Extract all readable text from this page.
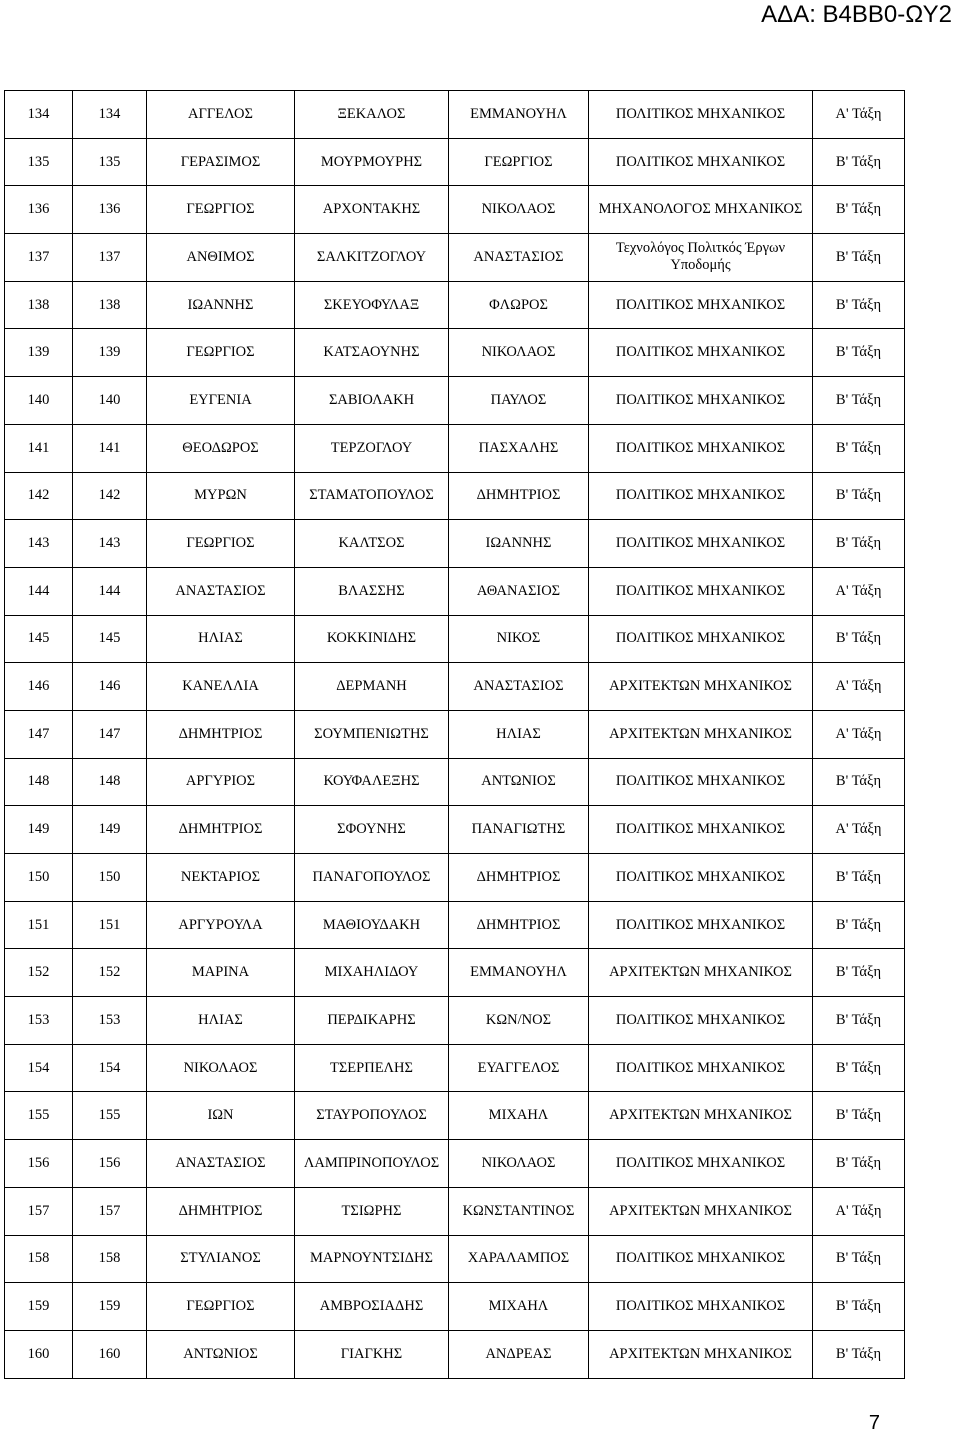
ΑΔΑ: Β4ΒΒ0-ΩΥ2
134	134	ΑΓΓΕΛΟΣ	ΞΕΚΑΛΟΣ	ΕΜΜΑΝΟΥΗΛ	ΠΟΛΙΤΙΚΟΣ ΜΗΧΑΝΙΚΟΣ	Α' Τάξη
135	135	ΓΕΡΑΣΙΜΟΣ	ΜΟΥΡΜΟΥΡΗΣ	ΓΕΩΡΓΙΟΣ	ΠΟΛΙΤΙΚΟΣ ΜΗΧΑΝΙΚΟΣ	Β' Τάξη
136	136	ΓΕΩΡΓΙΟΣ	ΑΡΧΟΝΤΑΚΗΣ	ΝΙΚΟΛΑΟΣ	ΜΗΧΑΝΟΛΟΓΟΣ ΜΗΧΑΝΙΚΟΣ	Β' Τάξη
137	137	ΑΝΘΙΜΟΣ	ΣΑΛΚΙΤΖΟΓΛΟΥ	ΑΝΑΣΤΑΣΙΟΣ	Τεχνολόγος Πολιτκός Έργων Υποδομής	Β' Τάξη
138	138	ΙΩΑΝΝΗΣ	ΣΚΕΥΟΦΥΛΑΞ	ΦΛΩΡΟΣ	ΠΟΛΙΤΙΚΟΣ ΜΗΧΑΝΙΚΟΣ	Β' Τάξη
139	139	ΓΕΩΡΓΙΟΣ	ΚΑΤΣΑΟΥΝΗΣ	ΝΙΚΟΛΑΟΣ	ΠΟΛΙΤΙΚΟΣ ΜΗΧΑΝΙΚΟΣ	Β' Τάξη
140	140	ΕΥΓΕΝΙΑ	ΣΑΒΙΟΛΑΚΗ	ΠΑΥΛΟΣ	ΠΟΛΙΤΙΚΟΣ ΜΗΧΑΝΙΚΟΣ	Β' Τάξη
141	141	ΘΕΟΔΩΡΟΣ	ΤΕΡΖΟΓΛΟΥ	ΠΑΣΧΑΛΗΣ	ΠΟΛΙΤΙΚΟΣ ΜΗΧΑΝΙΚΟΣ	Β' Τάξη
142	142	ΜΥΡΩΝ	ΣΤΑΜΑΤΟΠΟΥΛΟΣ	ΔΗΜΗΤΡΙΟΣ	ΠΟΛΙΤΙΚΟΣ ΜΗΧΑΝΙΚΟΣ	Β' Τάξη
143	143	ΓΕΩΡΓΙΟΣ	ΚΑΛΤΣΟΣ	ΙΩΑΝΝΗΣ	ΠΟΛΙΤΙΚΟΣ ΜΗΧΑΝΙΚΟΣ	Β' Τάξη
144	144	ΑΝΑΣΤΑΣΙΟΣ	ΒΛΑΣΣΗΣ	ΑΘΑΝΑΣΙΟΣ	ΠΟΛΙΤΙΚΟΣ ΜΗΧΑΝΙΚΟΣ	Α' Τάξη
145	145	ΗΛΙΑΣ	ΚΟΚΚΙΝΙΔΗΣ	ΝΙΚΟΣ	ΠΟΛΙΤΙΚΟΣ ΜΗΧΑΝΙΚΟΣ	Β' Τάξη
146	146	ΚΑΝΕΛΛΙΑ	ΔΕΡΜΑΝΗ	ΑΝΑΣΤΑΣΙΟΣ	ΑΡΧΙΤΕΚΤΩΝ ΜΗΧΑΝΙΚΟΣ	Α' Τάξη
147	147	ΔΗΜΗΤΡΙΟΣ	ΣΟΥΜΠΕΝΙΩΤΗΣ	ΗΛΙΑΣ	ΑΡΧΙΤΕΚΤΩΝ ΜΗΧΑΝΙΚΟΣ	Α' Τάξη
148	148	ΑΡΓΥΡΙΟΣ	ΚΟΥΦΑΛΕΞΗΣ	ΑΝΤΩΝΙΟΣ	ΠΟΛΙΤΙΚΟΣ ΜΗΧΑΝΙΚΟΣ	Β' Τάξη
149	149	ΔΗΜΗΤΡΙΟΣ	ΣΦΟΥΝΗΣ	ΠΑΝΑΓΙΩΤΗΣ	ΠΟΛΙΤΙΚΟΣ ΜΗΧΑΝΙΚΟΣ	Α' Τάξη
150	150	ΝΕΚΤΑΡΙΟΣ	ΠΑΝΑΓΟΠΟΥΛΟΣ	ΔΗΜΗΤΡΙΟΣ	ΠΟΛΙΤΙΚΟΣ ΜΗΧΑΝΙΚΟΣ	Β' Τάξη
151	151	ΑΡΓΥΡΟΥΛΑ	ΜΑΘΙΟΥΔΑΚΗ	ΔΗΜΗΤΡΙΟΣ	ΠΟΛΙΤΙΚΟΣ ΜΗΧΑΝΙΚΟΣ	Β' Τάξη
152	152	ΜΑΡΙΝΑ	ΜΙΧΑΗΛΙΔΟΥ	ΕΜΜΑΝΟΥΗΛ	ΑΡΧΙΤΕΚΤΩΝ ΜΗΧΑΝΙΚΟΣ	Β' Τάξη
153	153	ΗΛΙΑΣ	ΠΕΡΔΙΚΑΡΗΣ	ΚΩΝ/ΝΟΣ	ΠΟΛΙΤΙΚΟΣ ΜΗΧΑΝΙΚΟΣ	Β' Τάξη
154	154	ΝΙΚΟΛΑΟΣ	ΤΣΕΡΠΕΛΗΣ	ΕΥΑΓΓΕΛΟΣ	ΠΟΛΙΤΙΚΟΣ ΜΗΧΑΝΙΚΟΣ	Β' Τάξη
155	155	ΙΩΝ	ΣΤΑΥΡΟΠΟΥΛΟΣ	ΜΙΧΑΗΛ	ΑΡΧΙΤΕΚΤΩΝ ΜΗΧΑΝΙΚΟΣ	Β' Τάξη
156	156	ΑΝΑΣΤΑΣΙΟΣ	ΛΑΜΠΡΙΝΟΠΟΥΛΟΣ	ΝΙΚΟΛΑΟΣ	ΠΟΛΙΤΙΚΟΣ ΜΗΧΑΝΙΚΟΣ	Β' Τάξη
157	157	ΔΗΜΗΤΡΙΟΣ	ΤΣΙΩΡΗΣ	ΚΩΝΣΤΑΝΤΙΝΟΣ	ΑΡΧΙΤΕΚΤΩΝ ΜΗΧΑΝΙΚΟΣ	Α' Τάξη
158	158	ΣΤΥΛΙΑΝΟΣ	ΜΑΡΝΟΥΝΤΣΙΔΗΣ	ΧΑΡΑΛΑΜΠΟΣ	ΠΟΛΙΤΙΚΟΣ ΜΗΧΑΝΙΚΟΣ	Β' Τάξη
159	159	ΓΕΩΡΓΙΟΣ	ΑΜΒΡΟΣΙΑΔΗΣ	ΜΙΧΑΗΛ	ΠΟΛΙΤΙΚΟΣ ΜΗΧΑΝΙΚΟΣ	Β' Τάξη
160	160	ΑΝΤΩΝΙΟΣ	ΓΙΑΓΚΗΣ	ΑΝΔΡΕΑΣ	ΑΡΧΙΤΕΚΤΩΝ ΜΗΧΑΝΙΚΟΣ	Β' Τάξη
7
